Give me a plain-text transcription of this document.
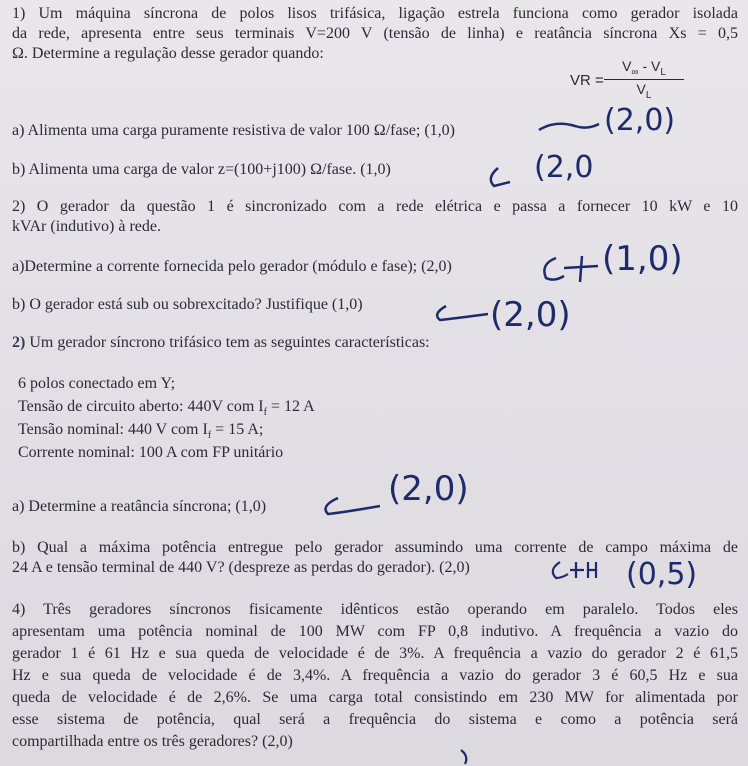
1) Um máquina síncrona de polos lisos trifásica, ligação estrela funciona como gerador isolada
da rede, apresenta entre seus terminais V=200 V (tensão de linha) e reatância síncrona Xs = 0,5
Ω. Determine a regulação desse gerador quando:
VR =
$V_\infty - V_L$
$V_L$
a) Alimenta uma carga puramente resistiva de valor 100 Ω/fase; (1,0)
b) Alimenta uma carga de valor z=(100+j100) Ω/fase. (1,0)
2) O gerador da questão 1 é sincronizado com a rede elétrica e passa a fornecer 10 kW e 10
kVAr (indutivo) à rede.
a)Determine a corrente fornecida pelo gerador (módulo e fase); (2,0)
b) O gerador está sub ou sobrexcitado? Justifique (1,0)
2) Um gerador síncrono trifásico tem as seguintes características:
6 polos conectado em Y;
Tensão de circuito aberto: 440V com $I_f = 12$ A
Tensão nominal: 440 V com $I_f = 15$ A;
Corrente nominal: 100 A com FP unitário
a) Determine a reatância síncrona; (1,0)
b) Qual a máxima potência entregue pelo gerador assumindo uma corrente de campo máxima de
24 A e tensão terminal de 440 V? (despreze as perdas do gerador). (2,0)
4) Três geradores síncronos fisicamente idênticos estão operando em paralelo. Todos eles
apresentam uma potência nominal de 100 MW com FP 0,8 indutivo. A frequência a vazio do
gerador 1 é 61 Hz e sua queda de velocidade é de 3%. A frequência a vazio do gerador 2 é 61,5
Hz e sua queda de velocidade é de 3,4%. A frequência a vazio do gerador 3 é 60,5 Hz e sua
queda de velocidade é de 2,6%. Se uma carga total consistindo em 230 MW for alimentada por
esse sistema de potência, qual será a frequência do sistema e como a potência será
compartilhada entre os três geradores? (2,0)
(2,0)
(2,0
(1,0)
(2,0)
(2,0)
(0,5)
